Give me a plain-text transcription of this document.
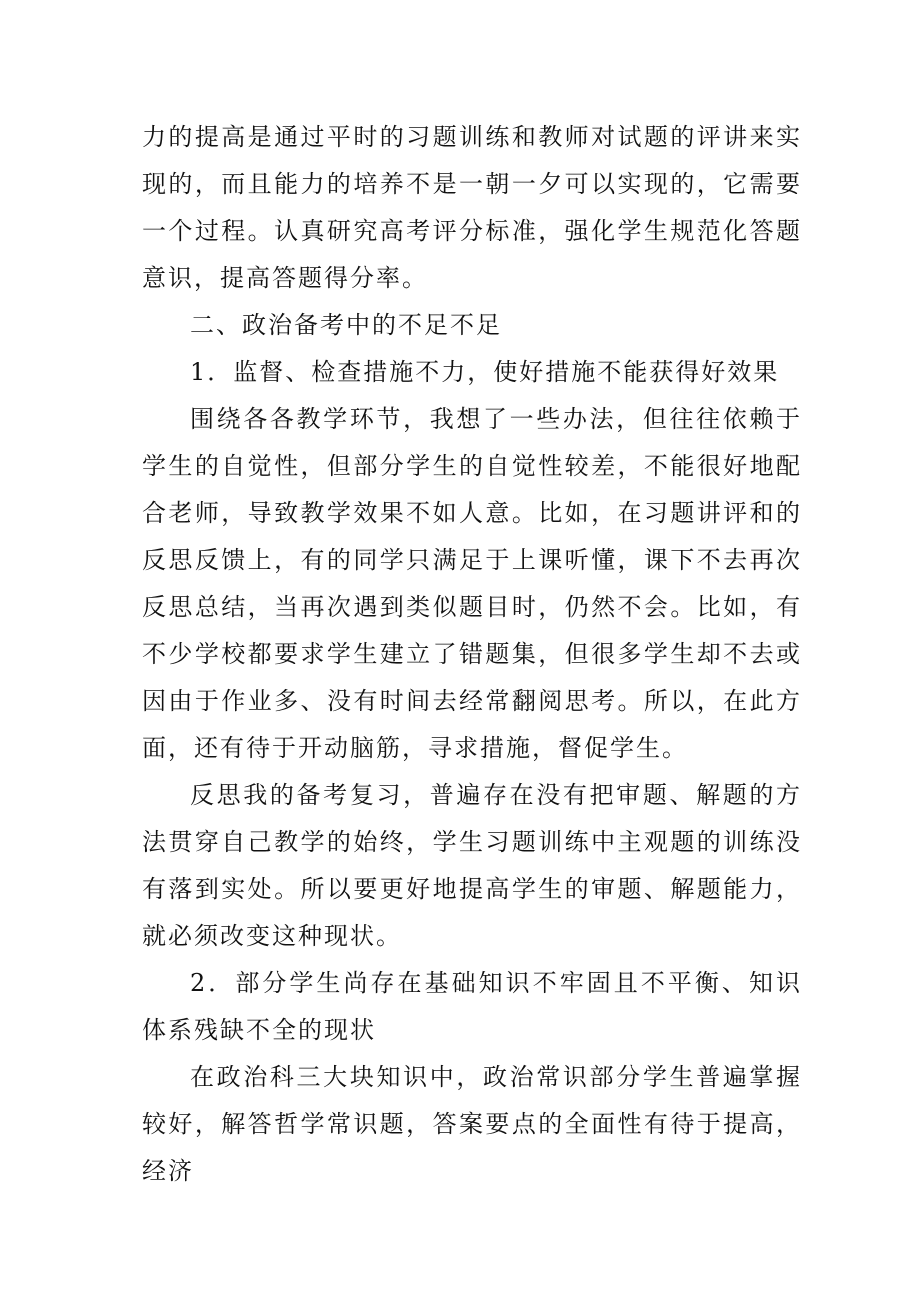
力的提高是通过平时的习题训练和教师对试题的评讲来实现的，而且能力的培养不是一朝一夕可以实现的，它需要一个过程。认真研究高考评分标准，强化学生规范化答题意识，提高答题得分率。

二、政治备考中的不足不足

1．监督、检查措施不力，使好措施不能获得好效果

围绕各各教学环节，我想了一些办法，但往往依赖于学生的自觉性，但部分学生的自觉性较差，不能很好地配合老师，导致教学效果不如人意。比如，在习题讲评和的反思反馈上，有的同学只满足于上课听懂，课下不去再次反思总结，当再次遇到类似题目时，仍然不会。比如，有不少学校都要求学生建立了错题集，但很多学生却不去或因由于作业多、没有时间去经常翻阅思考。所以，在此方面，还有待于开动脑筋，寻求措施，督促学生。

反思我的备考复习，普遍存在没有把审题、解题的方法贯穿自己教学的始终，学生习题训练中主观题的训练没有落到实处。所以要更好地提高学生的审题、解题能力，就必须改变这种现状。

2．部分学生尚存在基础知识不牢固且不平衡、知识体系残缺不全的现状

在政治科三大块知识中，政治常识部分学生普遍掌握较好，解答哲学常识题，答案要点的全面性有待于提高，经济
